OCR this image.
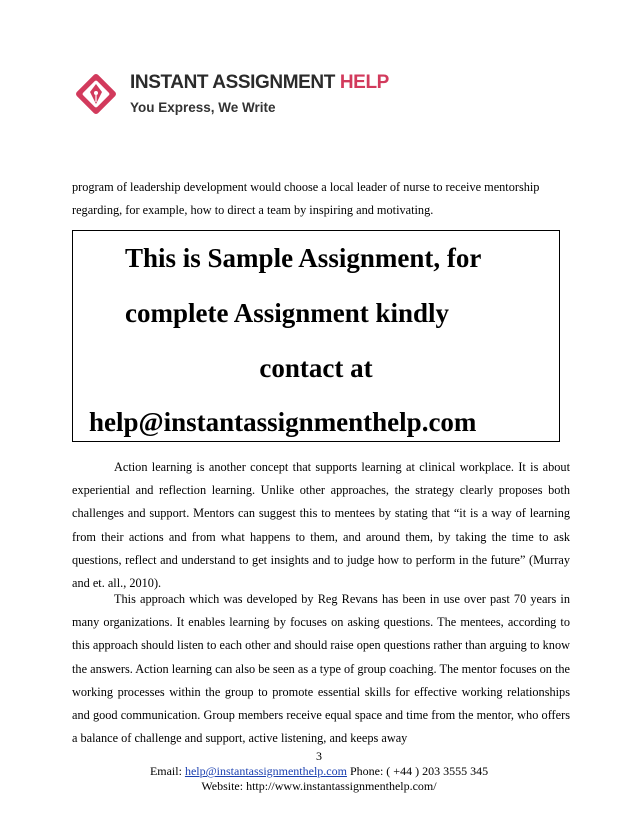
INSTANT ASSIGNMENT HELP
You Express, We Write

program of leadership development would choose a local leader of nurse to receive mentorship

regarding, for example, how to direct a team by inspiring and motivating.

This is Sample Assignment, for

complete Assignment kindly

contact at

help@instantassignmenthelp.com

Action learning is another concept that supports learning at clinical workplace. It is about experiential and reflection learning. Unlike other approaches, the strategy clearly proposes both challenges and support. Mentors can suggest this to mentees by stating that “it is a way of learning from their actions and from what happens to them, and around them, by taking the time to ask questions, reflect and understand to get insights and to judge how to perform in the future” (Murray and et. all., 2010).

This approach which was developed by Reg Revans has been in use over past 70 years in many organizations. It enables learning by focuses on asking questions. The mentees, according to this approach should listen to each other and should raise open questions rather than arguing to know the answers. Action learning can also be seen as a type of group coaching. The mentor focuses on the working processes within the group to promote essential skills for effective working relationships and good communication. Group members receive equal space and time from the mentor, who offers a balance of challenge and support, active listening, and keeps away

3
Email: help@instantassignmenthelp.com Phone: ( +44 ) 203 3555 345
Website: http://www.instantassignmenthelp.com/
